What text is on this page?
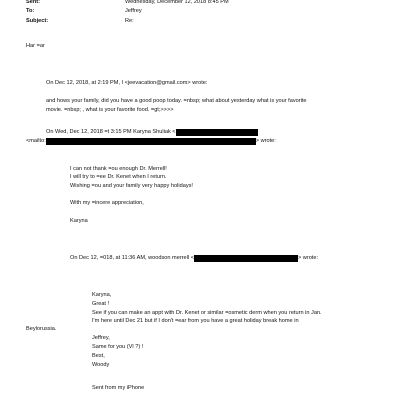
Sent:	Wednesday, December 12, 2018 8:45 PM
To:	Jeffrey
Subject:	Re:
Har =ar
On Dec 12, 2018, at 2:19 PM, I <jeevacation@gmail.com> wrote:
and hows your family, did you have a good poop today. =nbsp; what about yesterday what is your favorite
movie. =nbsp; , what is your favorite food. =gt;>>>>
On Wed, Dec 12, 2018 =t 3:15 PM Karyna Shuliak <
<mailto:	> wrote:
I can not thank =ou enough Dr. Merrell!
I will try to =ee Dr. Kenet when I return.
Wishing =ou and your family very happy holidays!
With my =incere appreciation,
Karyna
On Dec 12, =018, at 11:36 AM, woodson merrell <	> wrote:
Karyna,
Great !
See if you can make an appt with Dr. Kenet or similar =osmetic derm when you return in Jan.
I'm here until Dec 21 but if I don't =ear from you have a great holiday break home in
Beylorussia.
Jeffrey,
Same for you (Vl ?) !
Best,
Woody
Sent from my iPhone
